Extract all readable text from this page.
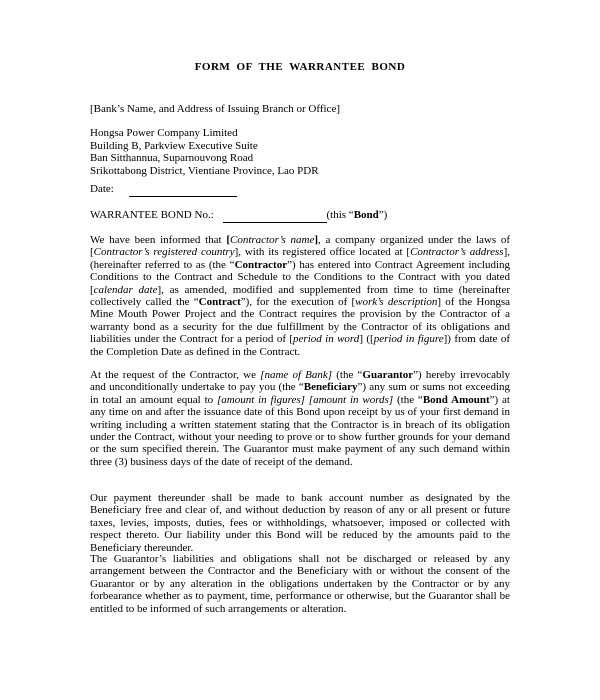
FORM OF THE WARRANTEE BOND
[Bank’s Name, and Address of Issuing Branch or Office]
Hongsa Power Company Limited
Building B, Parkview Executive Suite
Ban Sitthannua, Suparnouvong Road
Srikottabong District, Vientiane Province, Lao PDR
Date:
WARRANTEE BOND No.:	(this “Bond”)

We have been informed that [Contractor’s name], a company organized under the laws of [Contractor’s registered country], with its registered office located at [Contractor’s address], (hereinafter referred to as (the “Contractor”) has entered into Contract Agreement including Conditions to the Contract and Schedule to the Conditions to the Contract with you dated [calendar date], as amended, modified and supplemented from time to time (hereinafter collectively called the “Contract”), for the execution of [work’s description] of the Hongsa Mine Mouth Power Project and the Contract requires the provision by the Contractor of a warranty bond as a security for the due fulfillment by the Contractor of its obligations and liabilities under the Contract for a period of [period in word] ([period in figure]) from date of the Completion Date as defined in the Contract.

At the request of the Contractor, we [name of Bank] (the “Guarantor”) hereby irrevocably and unconditionally undertake to pay you (the “Beneficiary”) any sum or sums not exceeding in total an amount equal to [amount in figures] [amount in words] (the “Bond Amount”) at any time on and after the issuance date of this Bond upon receipt by us of your first demand in writing including a written statement stating that the Contractor is in breach of its obligation under the Contract, without your needing to prove or to show further grounds for your demand or the sum specified therein. The Guarantor must make payment of any such demand within three (3) business days of the date of receipt of the demand.

Our payment thereunder shall be made to bank account number as designated by the Beneficiary free and clear of, and without deduction by reason of any or all present or future taxes, levies, imposts, duties, fees or withholdings, whatsoever, imposed or collected with respect thereto. Our liability under this Bond will be reduced by the amounts paid to the Beneficiary thereunder.

The Guarantor’s liabilities and obligations shall not be discharged or released by any arrangement between the Contractor and the Beneficiary with or without the consent of the Guarantor or by any alteration in the obligations undertaken by the Contractor or by any forbearance whether as to payment, time, performance or otherwise, but the Guarantor shall be entitled to be informed of such arrangements or alteration.
